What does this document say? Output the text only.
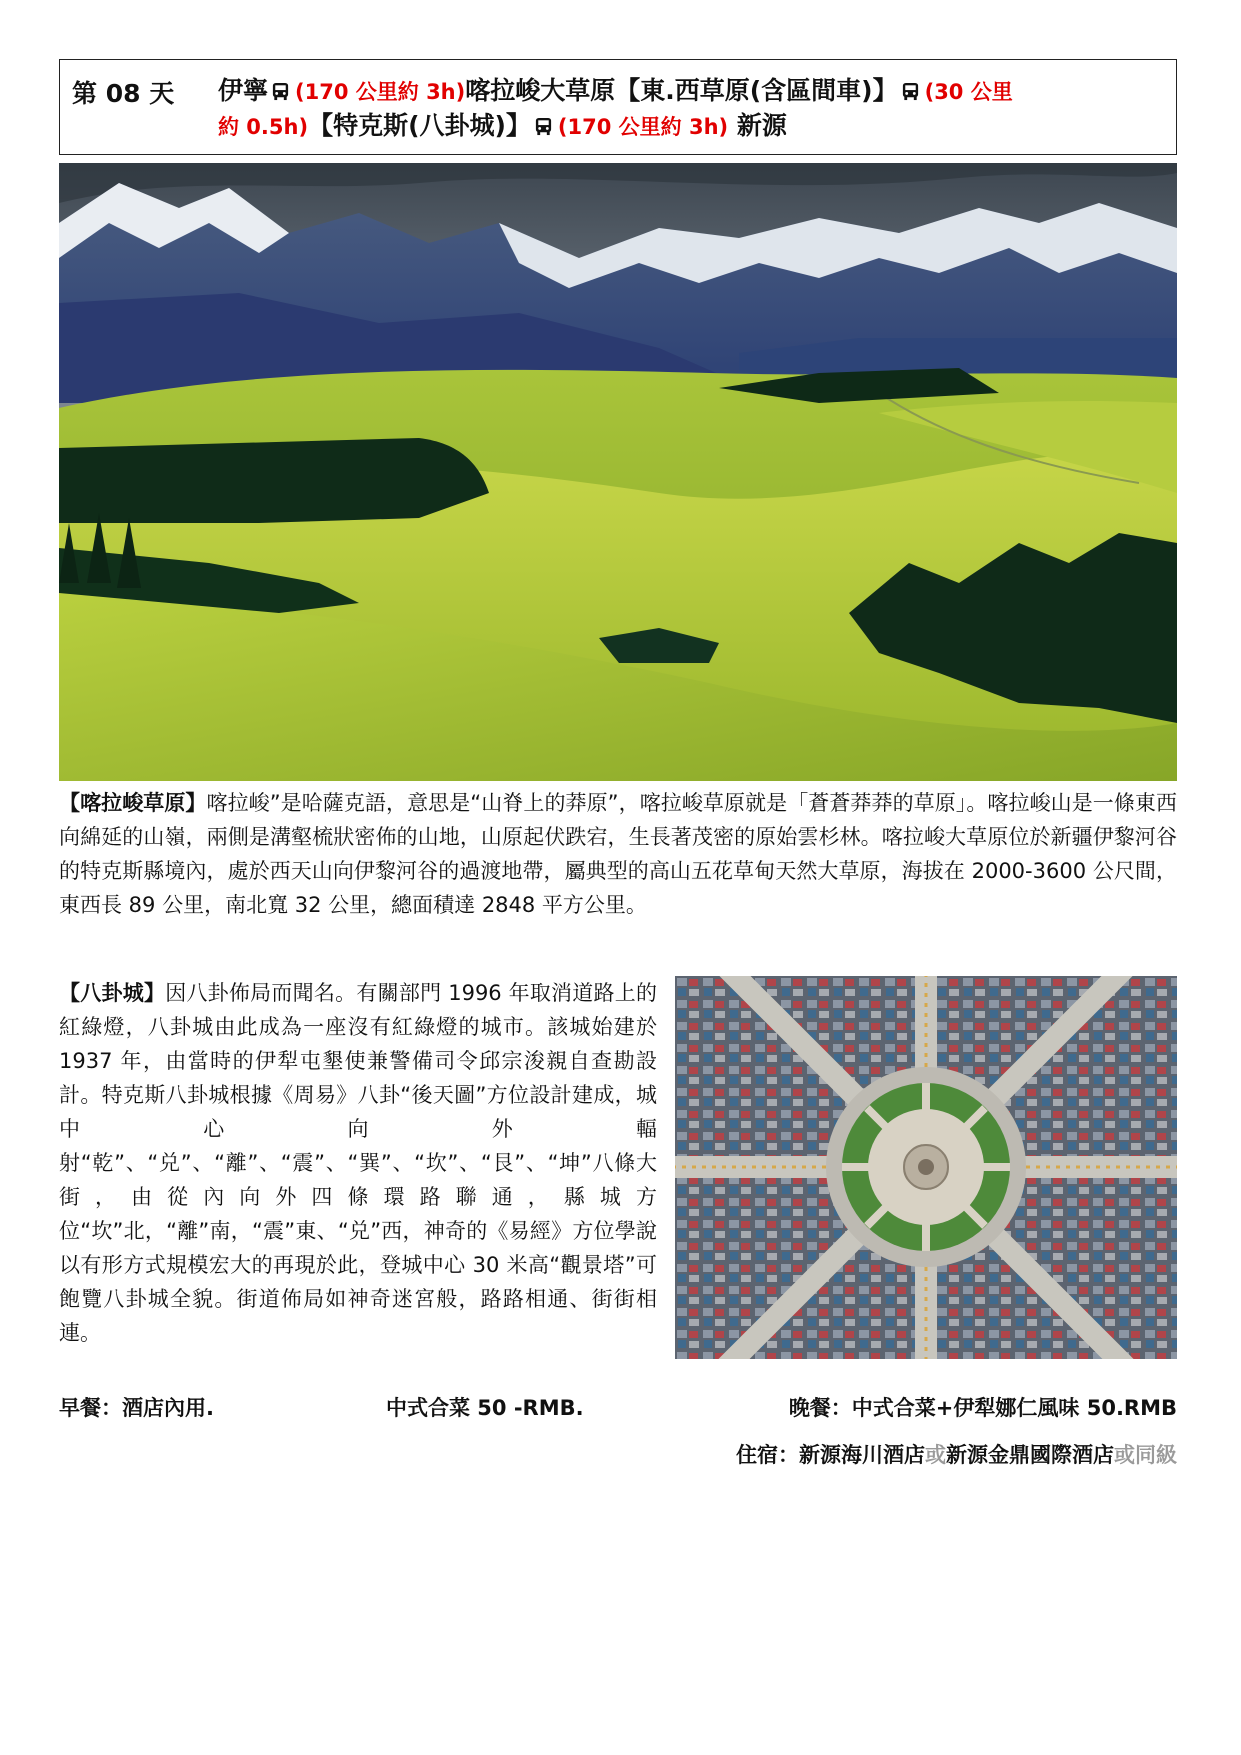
第 08 天 伊寧 (170 公里約 3h)喀拉峻大草原【東.西草原(含區間車)】 (30 公里
約 0.5h)【特克斯(八卦城)】 (170 公里約 3h) 新源
【喀拉峻草原】喀拉峻”是哈薩克語，意思是“山脊上的莽原”，喀拉峻草原就是「蒼蒼莽莽的草原」。喀拉峻山是一條東西向綿延的山嶺，兩側是溝壑梳狀密佈的山地，山原起伏跌宕，生長著茂密的原始雲杉林。喀拉峻大草原位於新疆伊黎河谷的特克斯縣境內，處於西天山向伊黎河谷的過渡地帶，屬典型的高山五花草甸天然大草原，海拔在 2000-3600 公尺間，東西長 89 公里，南北寬 32 公里，總面積達 2848 平方公里。
【八卦城】因八卦佈局而聞名。有關部門 1996 年取消道路上的紅綠燈，八卦城由此成為一座沒有紅綠燈的城市。該城始建於 1937 年，由當時的伊犁屯墾使兼警備司令邱宗浚親自查勘設計。特克斯八卦城根據《周易》八卦“後天圖”方位設計建成，城中心向外輻射“乾”、“兑”、“離”、“震”、“巽”、“坎”、“艮”、“坤”八條大街，由從內向外四條環路聯通，縣城方位“坎”北，“離”南，“震”東、“兑”西，神奇的《易經》方位學說以有形方式規模宏大的再現於此，登城中心 30 米高“觀景塔”可飽覽八卦城全貌。街道佈局如神奇迷宮般，路路相通、街街相連。
早餐：酒店內用.	中式合菜 50 -RMB.	晚餐：中式合菜+伊犁娜仁風味 50.RMB
住宿：新源海川酒店或新源金鼎國際酒店或同級
